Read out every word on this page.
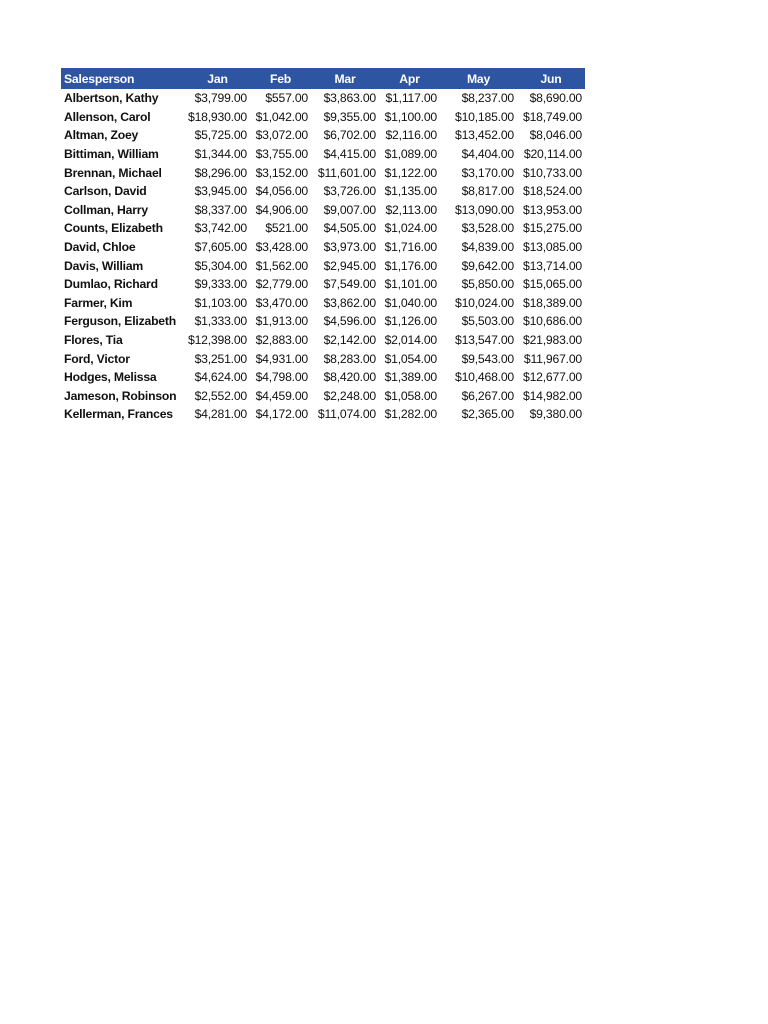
Salesperson	Jan	Feb	Mar	Apr	May	Jun
Albertson, Kathy	$3,799.00	$557.00	$3,863.00	$1,117.00	$8,237.00	$8,690.00
Allenson, Carol	$18,930.00	$1,042.00	$9,355.00	$1,100.00	$10,185.00	$18,749.00
Altman, Zoey	$5,725.00	$3,072.00	$6,702.00	$2,116.00	$13,452.00	$8,046.00
Bittiman, William	$1,344.00	$3,755.00	$4,415.00	$1,089.00	$4,404.00	$20,114.00
Brennan, Michael	$8,296.00	$3,152.00	$11,601.00	$1,122.00	$3,170.00	$10,733.00
Carlson, David	$3,945.00	$4,056.00	$3,726.00	$1,135.00	$8,817.00	$18,524.00
Collman, Harry	$8,337.00	$4,906.00	$9,007.00	$2,113.00	$13,090.00	$13,953.00
Counts, Elizabeth	$3,742.00	$521.00	$4,505.00	$1,024.00	$3,528.00	$15,275.00
David, Chloe	$7,605.00	$3,428.00	$3,973.00	$1,716.00	$4,839.00	$13,085.00
Davis, William	$5,304.00	$1,562.00	$2,945.00	$1,176.00	$9,642.00	$13,714.00
Dumlao, Richard	$9,333.00	$2,779.00	$7,549.00	$1,101.00	$5,850.00	$15,065.00
Farmer, Kim	$1,103.00	$3,470.00	$3,862.00	$1,040.00	$10,024.00	$18,389.00
Ferguson, Elizabeth	$1,333.00	$1,913.00	$4,596.00	$1,126.00	$5,503.00	$10,686.00
Flores, Tia	$12,398.00	$2,883.00	$2,142.00	$2,014.00	$13,547.00	$21,983.00
Ford, Victor	$3,251.00	$4,931.00	$8,283.00	$1,054.00	$9,543.00	$11,967.00
Hodges, Melissa	$4,624.00	$4,798.00	$8,420.00	$1,389.00	$10,468.00	$12,677.00
Jameson, Robinson	$2,552.00	$4,459.00	$2,248.00	$1,058.00	$6,267.00	$14,982.00
Kellerman, Frances	$4,281.00	$4,172.00	$11,074.00	$1,282.00	$2,365.00	$9,380.00
